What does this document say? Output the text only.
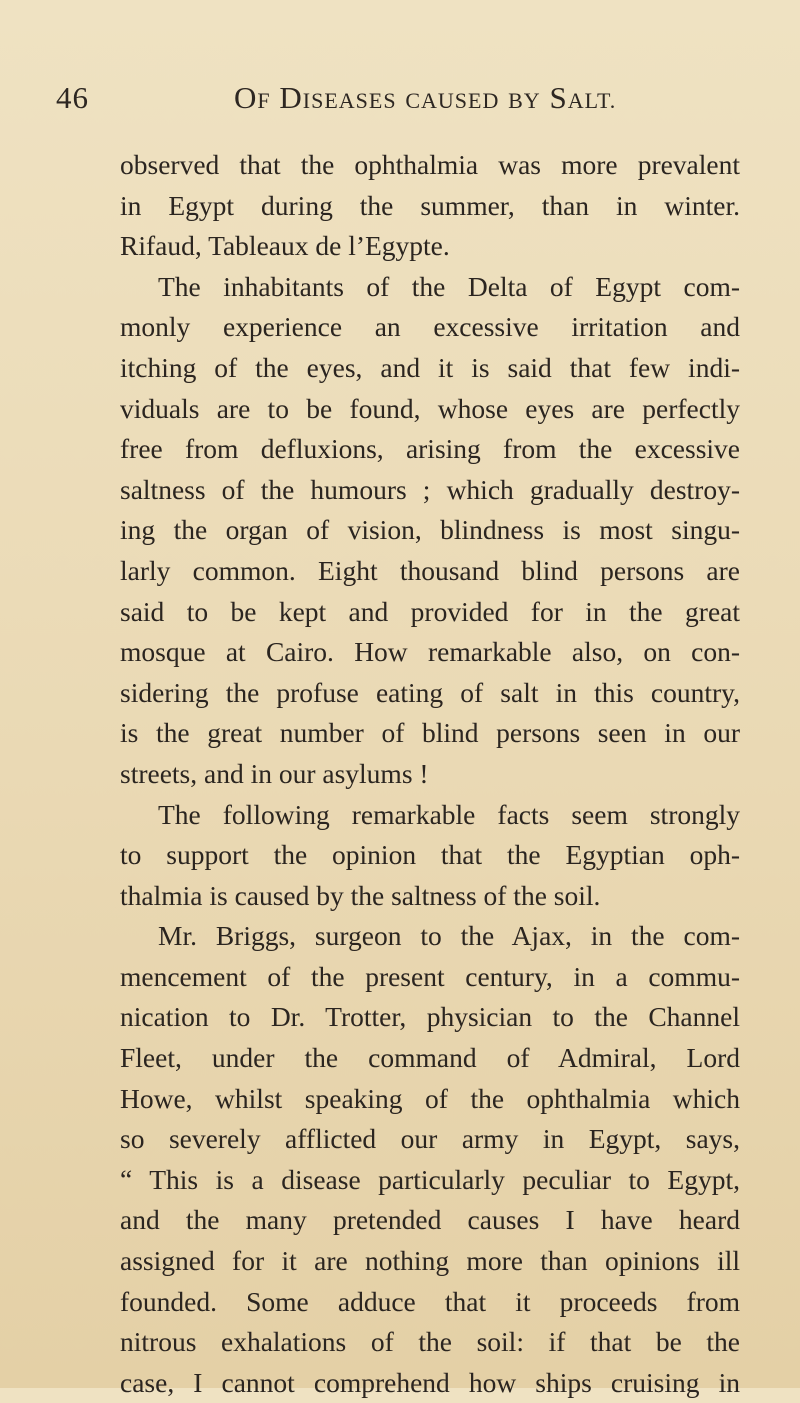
46	OF DISEASES CAUSED BY SALT.
observed that the ophthalmia was more prevalent
in Egypt during the summer, than in winter.
Rifaud, Tableaux de l’Egypte.
The inhabitants of the Delta of Egypt com-
monly experience an excessive irritation and
itching of the eyes, and it is said that few indi-
viduals are to be found, whose eyes are perfectly
free from defluxions, arising from the excessive
saltness of the humours ; which gradually destroy-
ing the organ of vision, blindness is most singu-
larly common. Eight thousand blind persons are
said to be kept and provided for in the great
mosque at Cairo. How remarkable also, on con-
sidering the profuse eating of salt in this country,
is the great number of blind persons seen in our
streets, and in our asylums !
The following remarkable facts seem strongly
to support the opinion that the Egyptian oph-
thalmia is caused by the saltness of the soil.
Mr. Briggs, surgeon to the Ajax, in the com-
mencement of the present century, in a commu-
nication to Dr. Trotter, physician to the Channel
Fleet, under the command of Admiral, Lord
Howe, whilst speaking of the ophthalmia which
so severely afflicted our army in Egypt, says,
“ This is a disease particularly peculiar to Egypt,
and the many pretended causes I have heard
assigned for it are nothing more than opinions ill
founded. Some adduce that it proceeds from
nitrous exhalations of the soil: if that be the
case, I cannot comprehend how ships cruising in
